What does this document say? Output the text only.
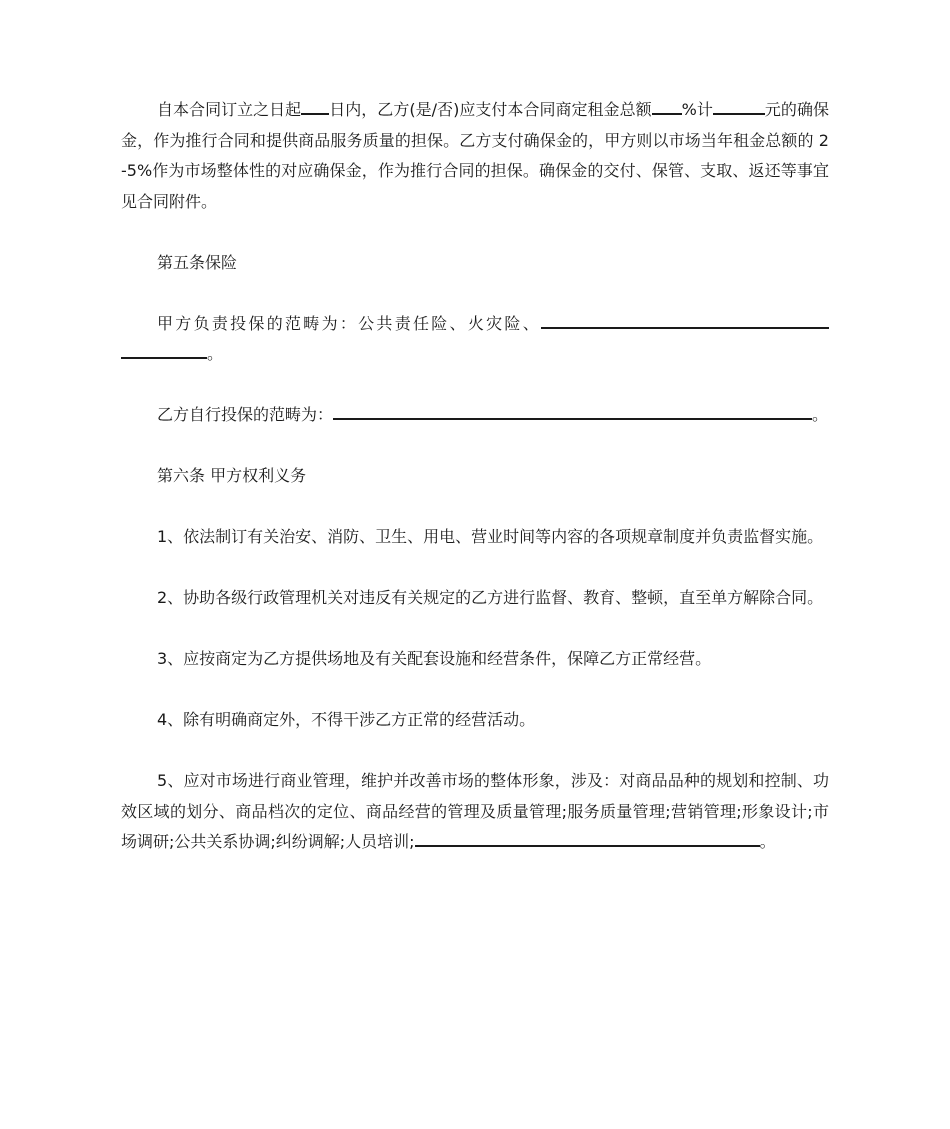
自本合同订立之日起 日内，乙方(是/否)应支付本合同商定租金总额 %计	元的确保金，作为推行合同和提供商品服务质量的担保。乙方支付确保金的，甲方则以市场当年租金总额的 2-5%作为市场整体性的对应确保金，作为推行合同的担保。确保金的交付、保管、支取、返还等事宜见合同附件。

第五条保险

甲方负责投保的范畴为：公共责任险、火灾险、。

乙方自行投保的范畴为：	。

第六条 甲方权利义务

1、依法制订有关治安、消防、卫生、用电、营业时间等内容的各项规章制度并负责监督实施。

2、协助各级行政管理机关对违反有关规定的乙方进行监督、教育、整顿，直至单方解除合同。

3、应按商定为乙方提供场地及有关配套设施和经营条件，保障乙方正常经营。

4、除有明确商定外，不得干涉乙方正常的经营活动。

5、应对市场进行商业管理，维护并改善市场的整体形象，涉及：对商品品种的规划和控制、功效区域的划分、商品档次的定位、商品经营的管理及质量管理;服务质量管理;营销管理;形象设计;市场调研;公共关系协调;纠纷调解;人员培训;	。
